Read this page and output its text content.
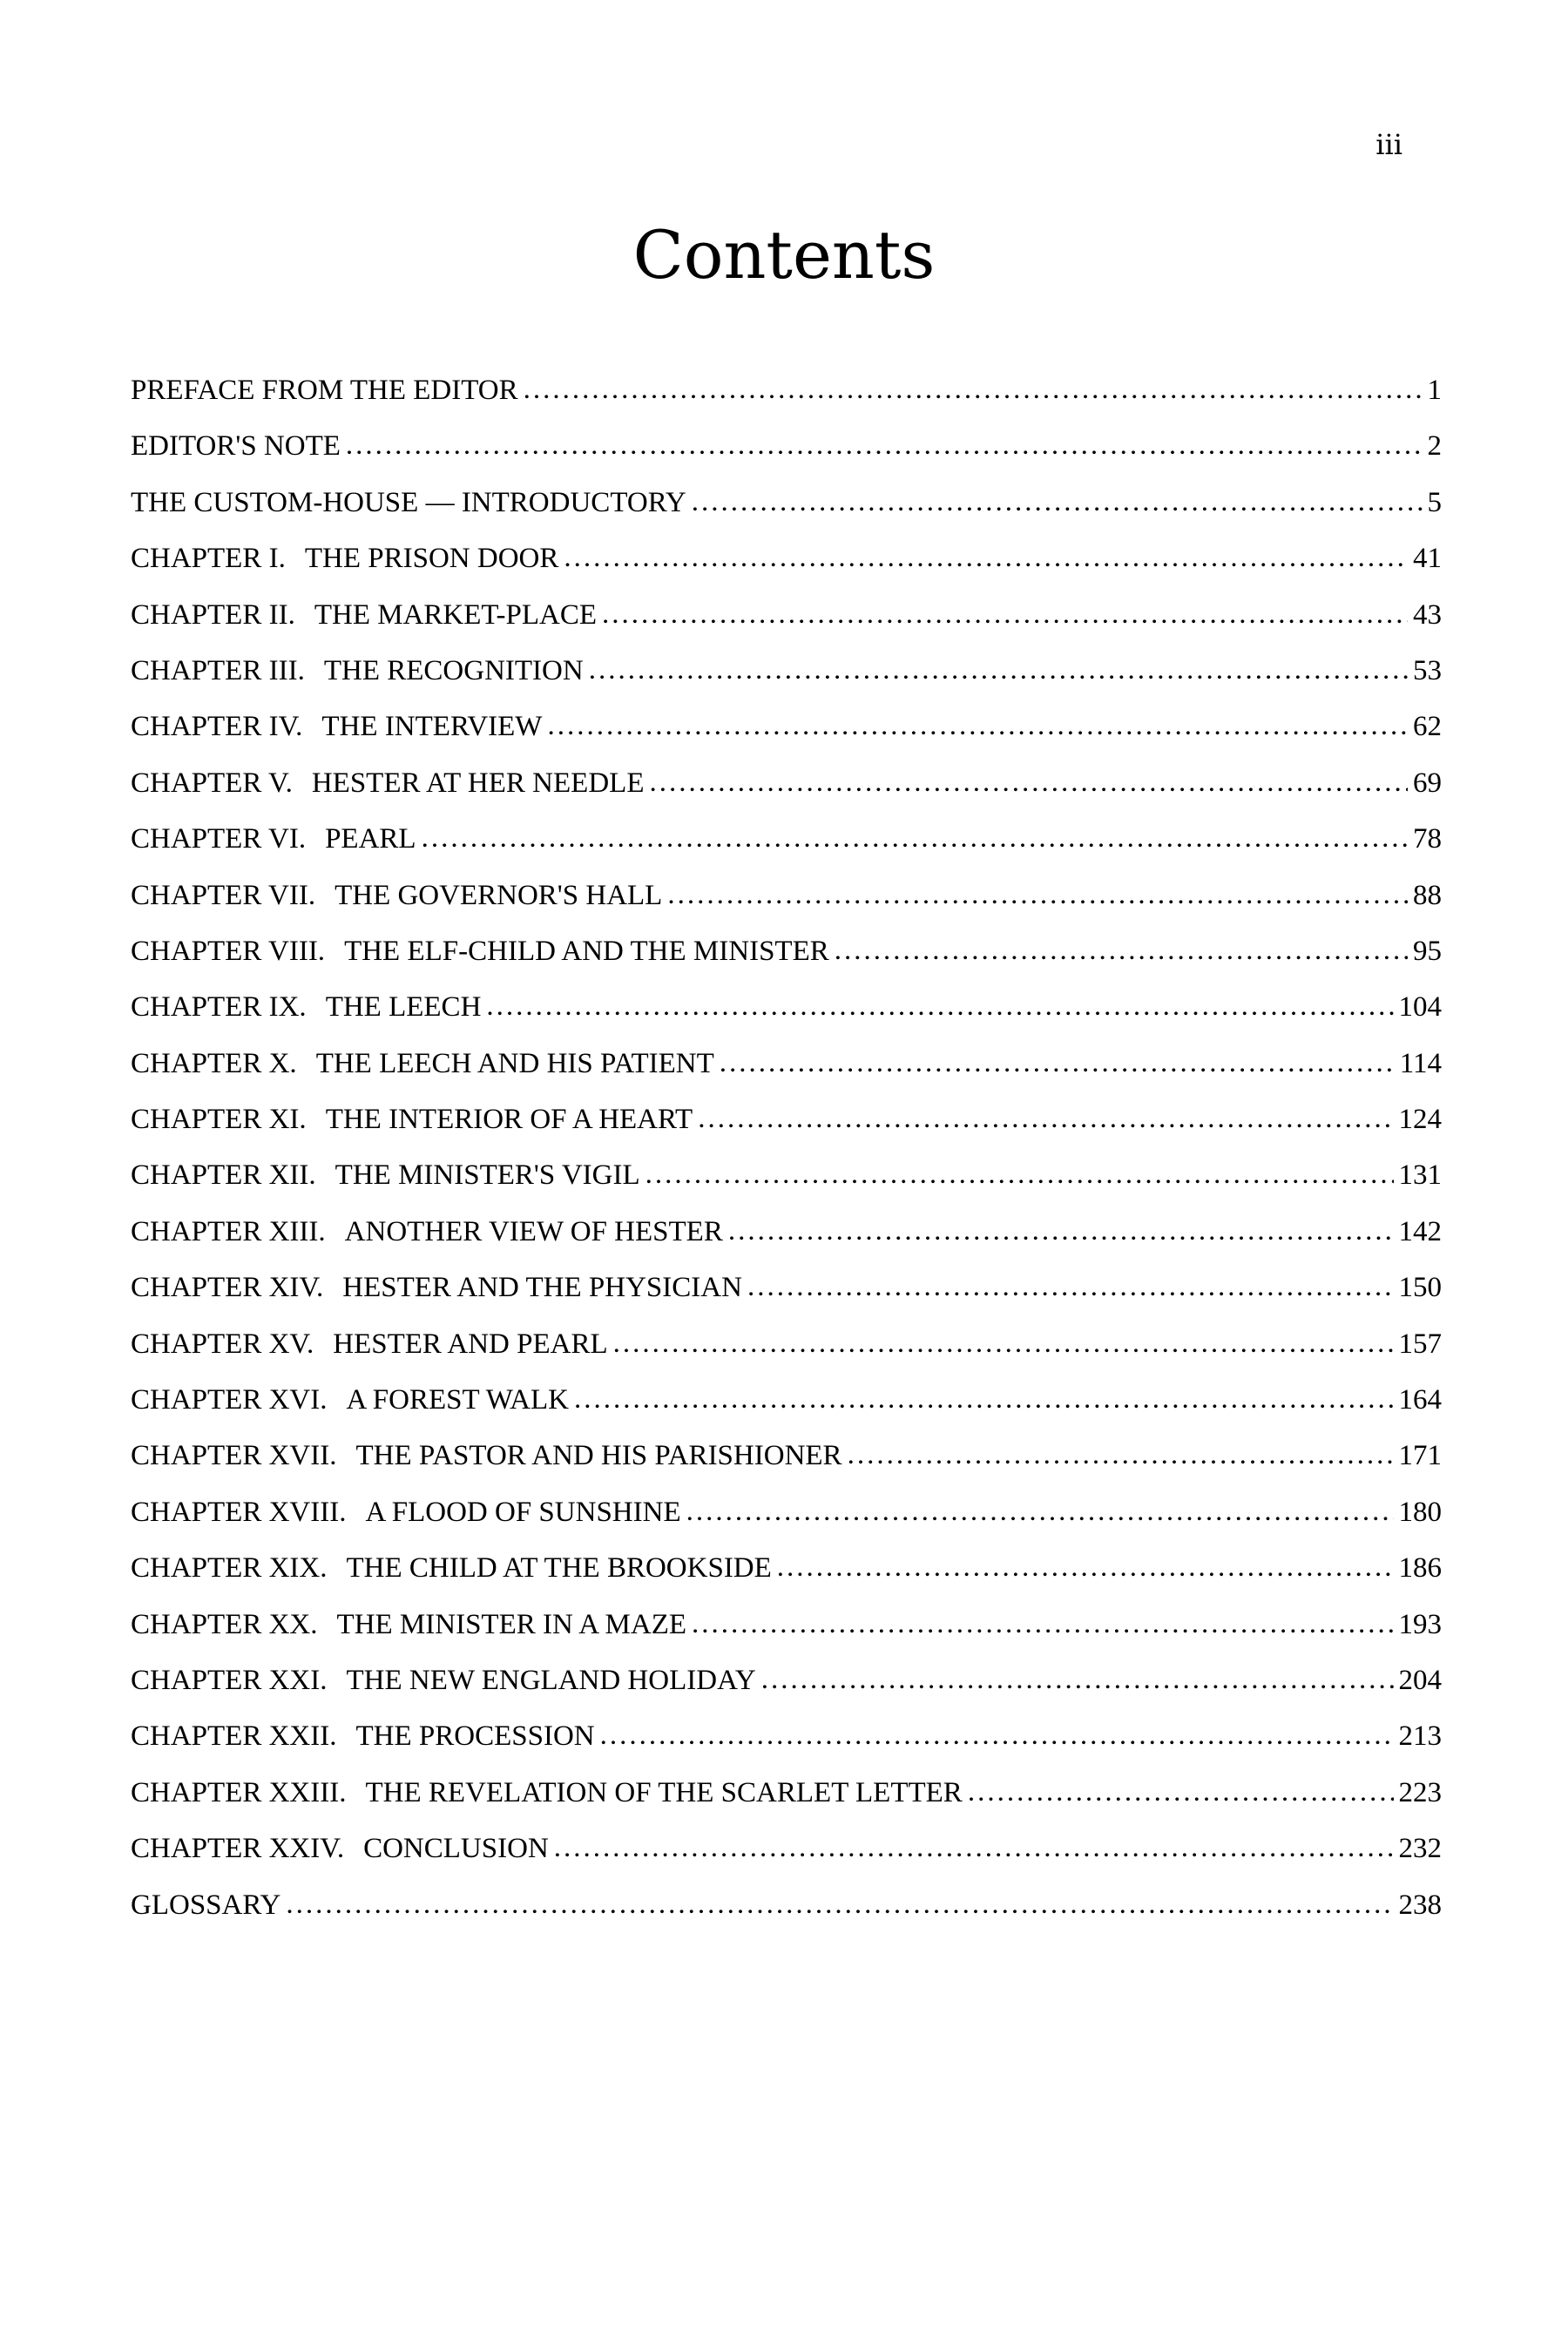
iii
Contents
PREFACE FROM THE EDITOR .....	1
EDITOR'S NOTE .....	2
THE CUSTOM-HOUSE — INTRODUCTORY .....	5
CHAPTER I. THE PRISON DOOR .....	41
CHAPTER II. THE MARKET-PLACE .....	43
CHAPTER III. THE RECOGNITION .....	53
CHAPTER IV. THE INTERVIEW .....	62
CHAPTER V. HESTER AT HER NEEDLE .....	69
CHAPTER VI. PEARL .....	78
CHAPTER VII. THE GOVERNOR'S HALL .....	88
CHAPTER VIII. THE ELF-CHILD AND THE MINISTER .....	95
CHAPTER IX. THE LEECH .....	104
CHAPTER X. THE LEECH AND HIS PATIENT .....	114
CHAPTER XI. THE INTERIOR OF A HEART .....	124
CHAPTER XII. THE MINISTER'S VIGIL .....	131
CHAPTER XIII. ANOTHER VIEW OF HESTER .....	142
CHAPTER XIV. HESTER AND THE PHYSICIAN .....	150
CHAPTER XV. HESTER AND PEARL .....	157
CHAPTER XVI. A FOREST WALK .....	164
CHAPTER XVII. THE PASTOR AND HIS PARISHIONER .....	171
CHAPTER XVIII. A FLOOD OF SUNSHINE .....	180
CHAPTER XIX. THE CHILD AT THE BROOKSIDE .....	186
CHAPTER XX. THE MINISTER IN A MAZE .....	193
CHAPTER XXI. THE NEW ENGLAND HOLIDAY .....	204
CHAPTER XXII. THE PROCESSION .....	213
CHAPTER XXIII. THE REVELATION OF THE SCARLET LETTER .....	223
CHAPTER XXIV. CONCLUSION .....	232
GLOSSARY .....	238
